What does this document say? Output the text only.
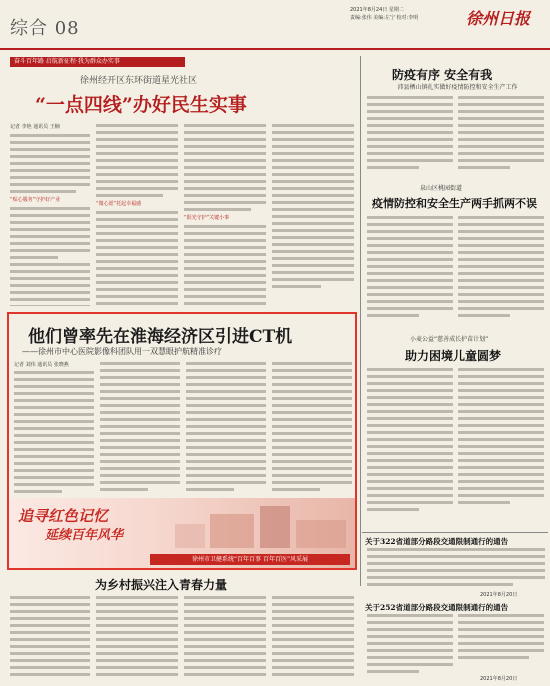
综合 08
2021年8月24日 星期二
责编:张伟 美编:左宁 校对:李明	徐州日报
奋斗百年路 启航新征程·我为群众办实事
徐州经开区东环街道星光社区
“一点四线”办好民生实事
记者 李艳 通讯员 王楠
“贴心服务”守护好产业
“微心愿”托起幸福感
“阳光守护”关键小事
防疫有序 安全有我
沛县栖山镇扎实做好疫情防控和安全生产工作
泉山区桃园街道
疫情防控和安全生产两手抓两不误
小麦公益“慈善成长护苗计划”
助力困境儿童圆梦
他们曾率先在淮海经济区引进CT机
——徐州市中心医院影像科团队用一双慧眼护航精准诊疗
记者 刘伟 通讯员 张晓燕
追寻红色记忆
延续百年风华
徐州市卫健系统“百年百事 百年百医”风采展
为乡村振兴注入青春力量
关于322省道部分路段交通限制通行的通告
2021年8月20日
关于252省道部分路段交通限制通行的通告
2021年8月20日
